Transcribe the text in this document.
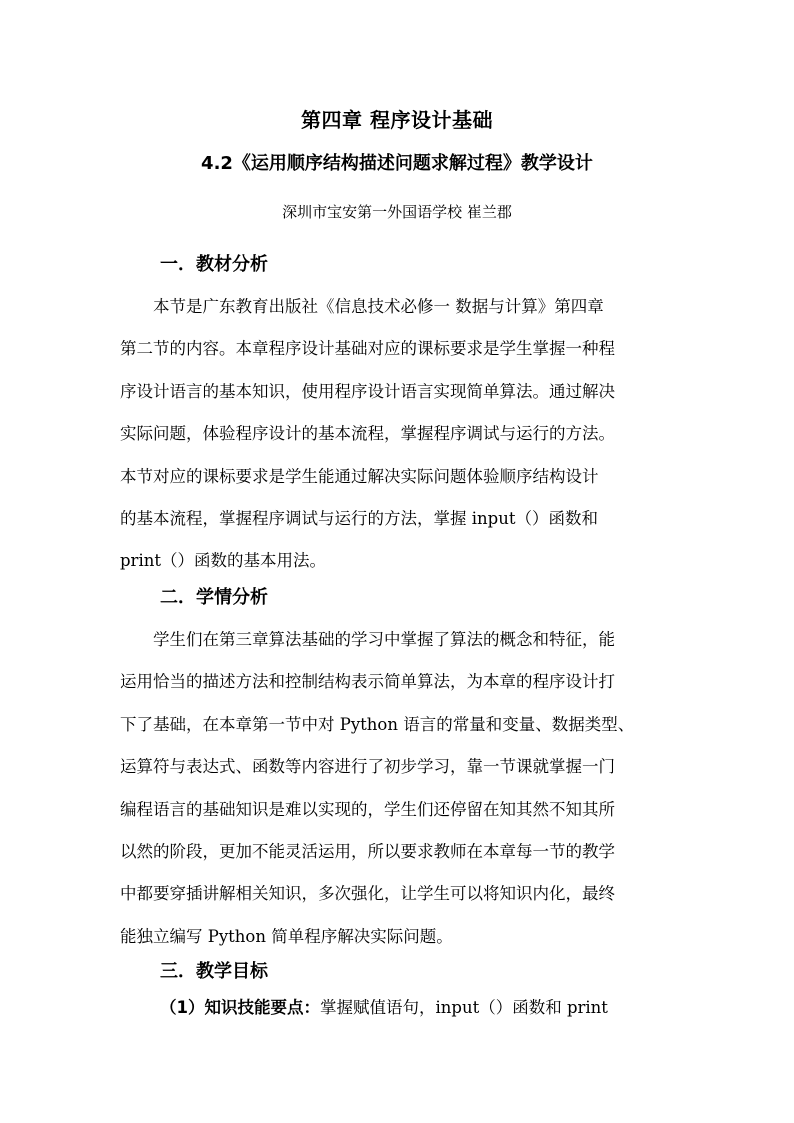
第四章 程序设计基础
4.2《运用顺序结构描述问题求解过程》教学设计
深圳市宝安第一外国语学校 崔兰郡
一．教材分析
　　本节是广东教育出版社《信息技术必修一 数据与计算》第四章
第二节的内容。本章程序设计基础对应的课标要求是学生掌握一种程
序设计语言的基本知识，使用程序设计语言实现简单算法。通过解决
实际问题，体验程序设计的基本流程，掌握程序调试与运行的方法。
本节对应的课标要求是学生能通过解决实际问题体验顺序结构设计
的基本流程，掌握程序调试与运行的方法，掌握 input（）函数和
print（）函数的基本用法。
二．学情分析
　　学生们在第三章算法基础的学习中掌握了算法的概念和特征，能
运用恰当的描述方法和控制结构表示简单算法，为本章的程序设计打
下了基础，在本章第一节中对 Python 语言的常量和变量、数据类型、
运算符与表达式、函数等内容进行了初步学习，靠一节课就掌握一门
编程语言的基础知识是难以实现的，学生们还停留在知其然不知其所
以然的阶段，更加不能灵活运用，所以要求教师在本章每一节的教学
中都要穿插讲解相关知识，多次强化，让学生可以将知识内化，最终
能独立编写 Python 简单程序解决实际问题。
三．教学目标
（1）知识技能要点：掌握赋值语句，input（）函数和 print
